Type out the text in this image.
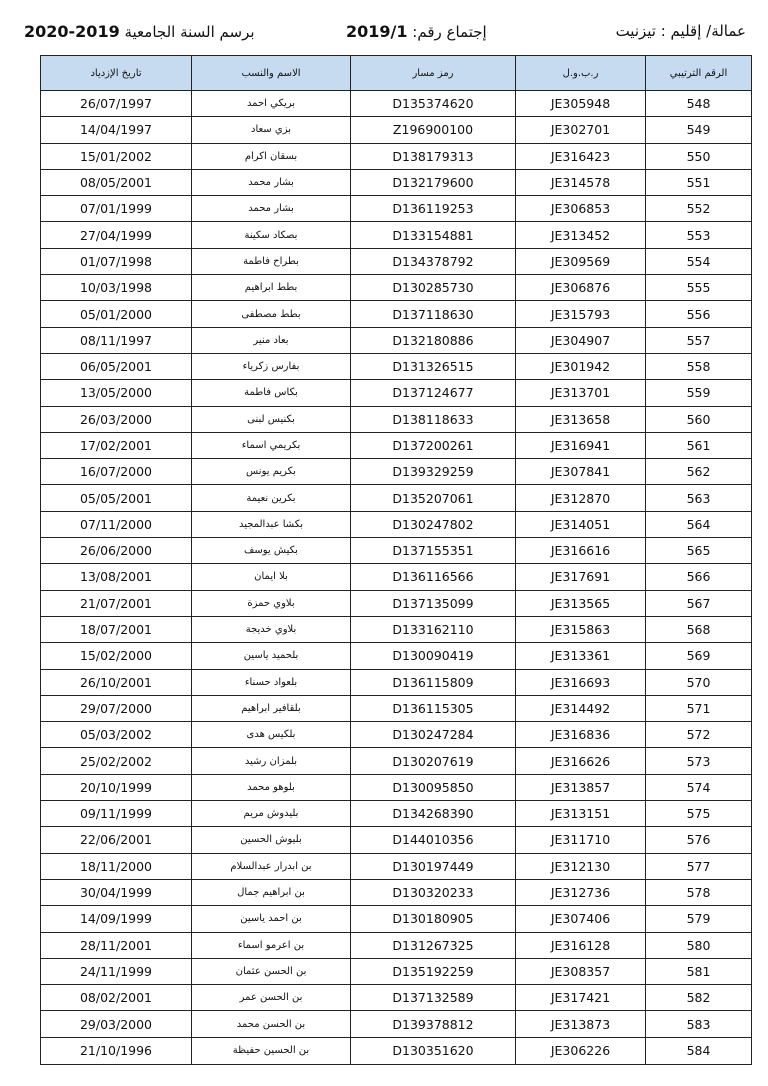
عمالة/ إقليم : تيزنيت
إجتماع رقم: 2019/1
برسم السنة الجامعية 2020-2019
تاريخ الإزدياد	الاسم والنسب	رمز مسار	ر.ب.و.ل	الرقم الترتيبي
26/07/1997	بريكي احمد	D135374620	JE305948	548
14/04/1997	بزي سعاد	Z196900100	JE302701	549
15/01/2002	بسقان اكرام	D138179313	JE316423	550
08/05/2001	بشار محمد	D132179600	JE314578	551
07/01/1999	بشار محمد	D136119253	JE306853	552
27/04/1999	بصكاد سكينة	D133154881	JE313452	553
01/07/1998	بطراح فاطمة	D134378792	JE309569	554
10/03/1998	بطط ابراهيم	D130285730	JE306876	555
05/01/2000	بطط مصطفى	D137118630	JE315793	556
08/11/1997	بعاد منير	D132180886	JE304907	557
06/05/2001	بفارس زكرياء	D131326515	JE301942	558
13/05/2000	بكاس فاطمة	D137124677	JE313701	559
26/03/2000	بكنيس لبنى	D138118633	JE313658	560
17/02/2001	بكريمي اسماء	D137200261	JE316941	561
16/07/2000	بكريم يونس	D139329259	JE307841	562
05/05/2001	بكرين نعيمة	D135207061	JE312870	563
07/11/2000	بكشا عبدالمجيد	D130247802	JE314051	564
26/06/2000	بكيش يوسف	D137155351	JE316616	565
13/08/2001	بلا ايمان	D136116566	JE317691	566
21/07/2001	بلاوي حمزة	D137135099	JE313565	567
18/07/2001	بلاوي خديجة	D133162110	JE315863	568
15/02/2000	بلحميد ياسين	D130090419	JE313361	569
26/10/2001	بلعواد حسناء	D136115809	JE316693	570
29/07/2000	بلقافير ابراهيم	D136115305	JE314492	571
05/03/2002	بلكيس هدى	D130247284	JE316836	572
25/02/2002	بلمزان رشيد	D130207619	JE316626	573
20/10/1999	بلوهو محمد	D130095850	JE313857	574
09/11/1999	بليدوش مريم	D134268390	JE313151	575
22/06/2001	بليوش الحسين	D144010356	JE311710	576
18/11/2000	بن ابدرار عبدالسلام	D130197449	JE312130	577
30/04/1999	بن ابراهيم جمال	D130320233	JE312736	578
14/09/1999	بن احمد ياسين	D130180905	JE307406	579
28/11/2001	بن اعرمو اسماء	D131267325	JE316128	580
24/11/1999	بن الحسن عثمان	D135192259	JE308357	581
08/02/2001	بن الحسن عمر	D137132589	JE317421	582
29/03/2000	بن الحسن محمد	D139378812	JE313873	583
21/10/1996	بن الحسين حفيظة	D130351620	JE306226	584
